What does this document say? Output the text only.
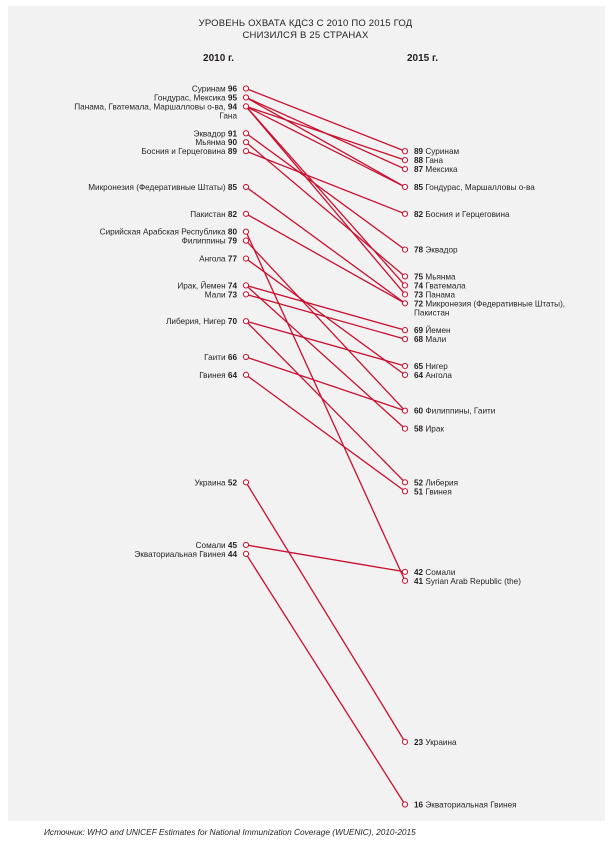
УРОВЕНЬ ОХВАТА КДС3 С 2010 ПО 2015 ГОД
СНИЗИЛСЯ В 25 СТРАНАХ
2010 г.	2015 г.
Суринам 96
Гондурас, Мексика 95
Панама, Гватемала, Маршалловы о-ва, 94
Гана
Эквадор 91
Мьянма 90
Босния и Герцеговина 89
Микронезия (Федеративные Штаты) 85
Пакистан 82
Сирийская Арабская Республика 80
Филиппины 79
Ангола 77
Ирак, Йемен 74
Мали 73
Либерия, Нигер 70
Гаити 66
Гвинея 64
Украина 52
Сомали 45
Экваториальная Гвинея 44
89 Суринам
88 Гана
87 Мексика
85 Гондурас, Маршалловы о-ва
82 Босния и Герцеговина
78 Эквадор
75 Мьянма
74 Гватемала
73 Панама
72 Микронезия (Федеративные Штаты),
Пакистан
69 Йемен
68 Мали
65 Нигер
64 Ангола
60 Филиппины, Гаити
58 Ирак
52 Либерия
51 Гвинея
42 Сомали
41 Syrian Arab Republic (the)
23 Украина
16 Экваториальная Гвинея
Источник: WHO and UNICEF Estimates for National Immunization Coverage (WUENIC), 2010-2015
